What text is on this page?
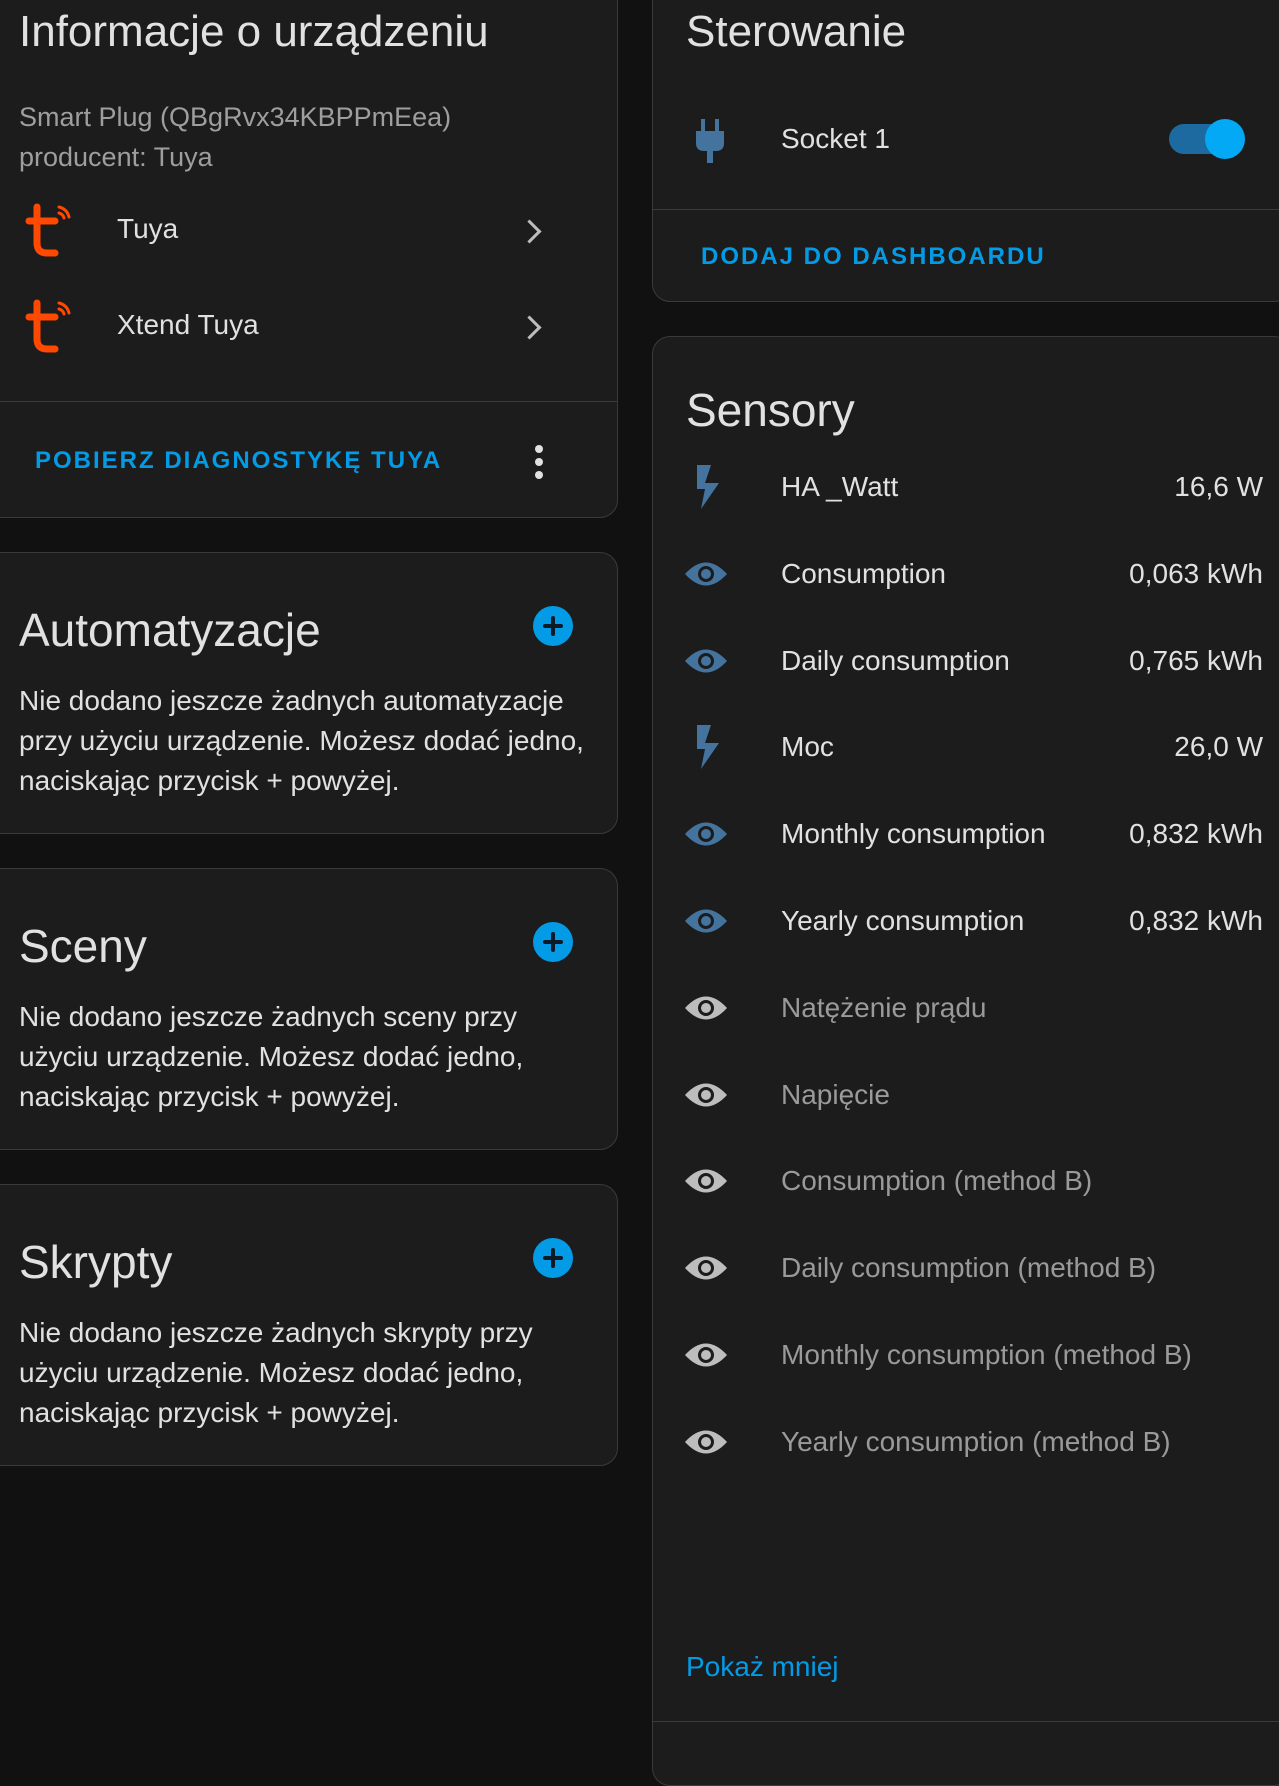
Informacje o urządzeniu
Smart Plug (QBgRvx34KBPPmEea)
producent: Tuya
Tuya
Xtend Tuya
POBIERZ DIAGNOSTYKĘ TUYA
Automatyzacje
Nie dodano jeszcze żadnych automatyzacje przy użyciu urządzenie. Możesz dodać jedno, naciskając przycisk + powyżej.
Sceny
Nie dodano jeszcze żadnych sceny przy użyciu urządzenie. Możesz dodać jedno, naciskając przycisk + powyżej.
Skrypty
Nie dodano jeszcze żadnych skrypty przy użyciu urządzenie. Możesz dodać jedno, naciskając przycisk + powyżej.
Sterowanie
Socket 1
DODAJ DO DASHBOARDU
Sensory
HA _Watt	16,6 W
Consumption	0,063 kWh
Daily consumption	0,765 kWh
Moc	26,0 W
Monthly consumption	0,832 kWh
Yearly consumption	0,832 kWh
Natężenie prądu
Napięcie
Consumption (method B)
Daily consumption (method B)
Monthly consumption (method B)
Yearly consumption (method B)
Pokaż mniej
